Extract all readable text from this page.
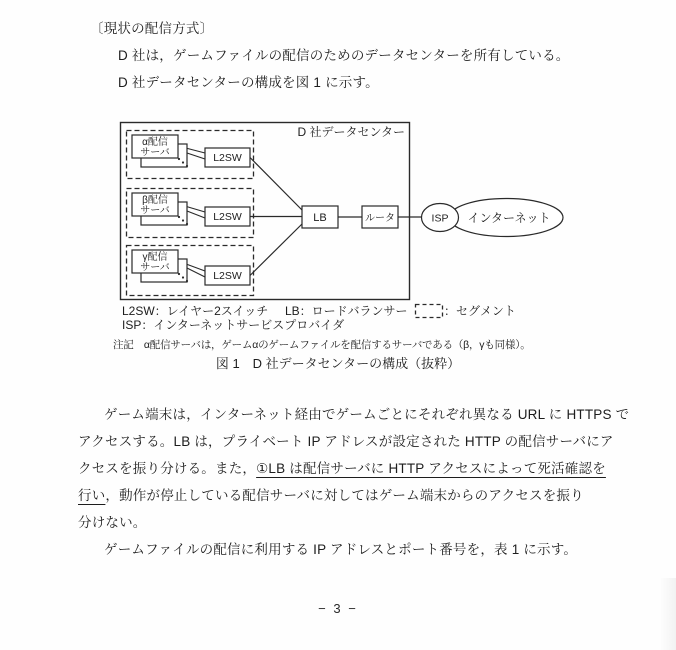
〔現状の配信方式〕
D 社は，ゲームファイルの配信のためのデータセンターを所有している。
D 社データセンターの構成を図 1 に示す。
D 社データセンター
α配信
サーバ	L2SW
β配信
サーバ	L2SW
γ配信
サーバ
L2SW
LB	ルータ	ISP インターネット
L2SW：レイヤー2スイッチ LB：ロードバランサー	：セグメント
ISP：インターネットサービスプロバイダ
注記　α配信サーバは，ゲームαのゲームファイルを配信するサーバである（β，γも同様）。
図 1　D 社データセンターの構成（抜粋）
ゲーム端末は，インターネット経由でゲームごとにそれぞれ異なる URL に HTTPS で
アクセスする。LB は，プライベート IP アドレスが設定された HTTP の配信サーバにア
クセスを振り分ける。また，①LB は配信サーバに HTTP アクセスによって死活確認を
行い，動作が停止している配信サーバに対してはゲーム端末からのアクセスを振り
分けない。
ゲームファイルの配信に利用する IP アドレスとポート番号を，表 1 に示す。
− 3 −
